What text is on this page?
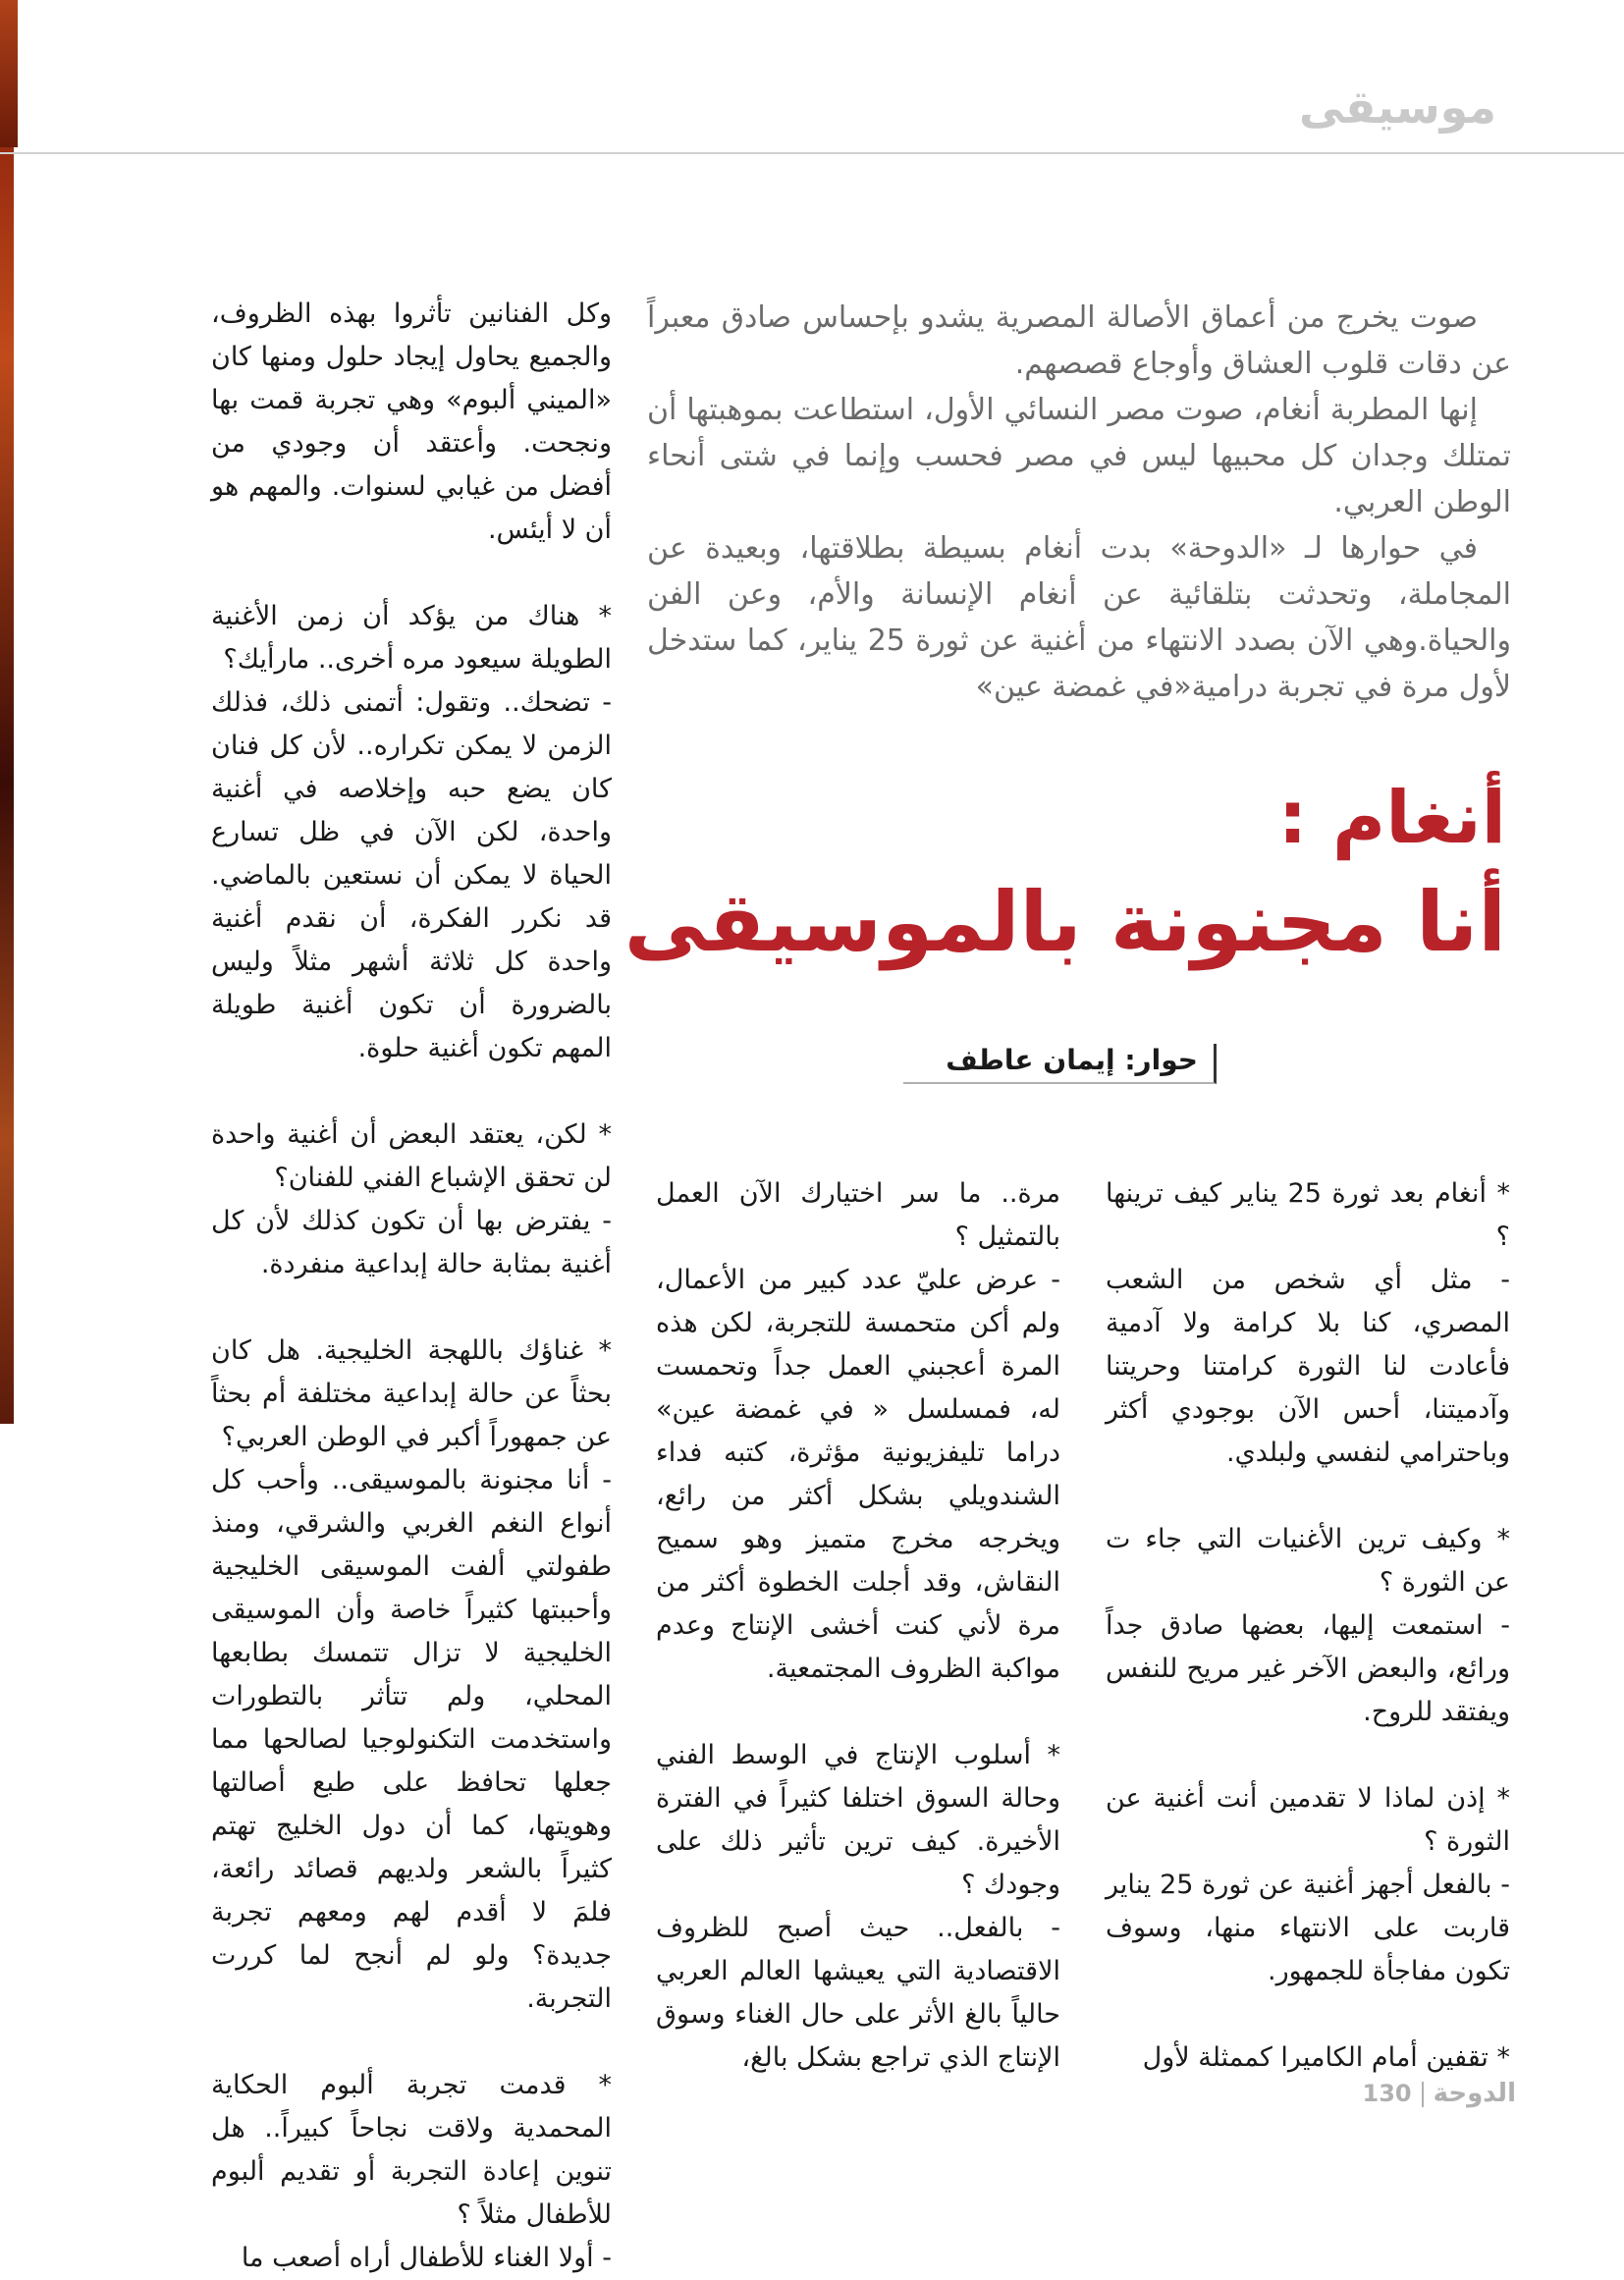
موسيقى

صوت يخرج من أعماق الأصالة المصرية يشدو بإحساس صادق معبراً عن دقات قلوب العشاق وأوجاع قصصهم.

إنها المطربة أنغام، صوت مصر النسائي الأول، استطاعت بموهبتها أن تمتلك وجدان كل محبيها ليس في مصر فحسب وإنما في شتى أنحاء الوطن العربي.

في حوارها لـ «الدوحة» بدت أنغام بسيطة بطلاقتها، وبعيدة عن المجاملة، وتحدثت بتلقائية عن أنغام الإنسانة والأم، وعن الفن والحياة.وهي الآن بصدد الانتهاء من أغنية عن ثورة 25 يناير، كما ستدخل لأول مرة في تجربة درامية«في غمضة عين»

أنغام :
أنا مجنونة بالموسيقى
حوار: إيمان عاطف

وكل الفنانين تأثروا بهذه الظروف، والجميع يحاول إيجاد حلول ومنها كان «الميني ألبوم» وهي تجربة قمت بها ونجحت. وأعتقد أن وجودي من أفضل من غيابي لسنوات. والمهم هو أن لا أيئس.

* هناك من يؤكد أن زمن الأغنية الطويلة سيعود مره أخرى.. مارأيك؟

- تضحك.. وتقول: أتمنى ذلك، فذلك الزمن لا يمكن تكراره.. لأن كل فنان كان يضع حبه وإخلاصه في أغنية واحدة، لكن الآن في ظل تسارع الحياة لا يمكن أن نستعين بالماضي. قد نكرر الفكرة، أن نقدم أغنية واحدة كل ثلاثة أشهر مثلاً وليس بالضرورة أن تكون أغنية طويلة المهم تكون أغنية حلوة.

* لكن، يعتقد البعض أن أغنية واحدة لن تحقق الإشباع الفني للفنان؟

- يفترض بها أن تكون كذلك لأن كل أغنية بمثابة حالة إبداعية منفردة.

* غناؤك باللهجة الخليجية. هل كان بحثاً عن حالة إبداعية مختلفة أم بحثاً عن جمهوراً أكبر في الوطن العربي؟

- أنا مجنونة بالموسيقى.. وأحب كل أنواع النغم الغربي والشرقي، ومنذ طفولتي ألفت الموسيقى الخليجية وأحببتها كثيراً خاصة وأن الموسيقى الخليجية لا تزال تتمسك بطابعها المحلي، ولم تتأثر بالتطورات واستخدمت التكنولوجيا لصالحها مما جعلها تحافظ على طبع أصالتها وهويتها، كما أن دول الخليج تهتم كثيراً بالشعر ولديهم قصائد رائعة، فلمَ لا أقدم لهم ومعهم تجربة جديدة؟ ولو لم أنجح لما كررت التجربة.

* قدمت تجربة ألبوم الحكاية المحمدية ولاقت نجاحاً كبيراً.. هل تنوين إعادة التجربة أو تقديم ألبوم للأطفال مثلاً ؟

- أولا الغناء للأطفال أراه أصعب ما

مرة.. ما سر اختيارك الآن العمل بالتمثيل ؟

- عرض عليّ عدد كبير من الأعمال، ولم أكن متحمسة للتجربة، لكن هذه المرة أعجبني العمل جداً وتحمست له، فمسلسل « في غمضة عين» دراما تليفزيونية مؤثرة، كتبه فداء الشندويلي بشكل أكثر من رائع، ويخرجه مخرج متميز وهو سميح النقاش، وقد أجلت الخطوة أكثر من مرة لأني كنت أخشى الإنتاج وعدم مواكبة الظروف المجتمعية.

* أسلوب الإنتاج في الوسط الفني وحالة السوق اختلفا كثيراً في الفترة الأخيرة. كيف ترين تأثير ذلك على وجودك ؟

- بالفعل.. حيث أصبح للظروف الاقتصادية التي يعيشها العالم العربي حالياً بالغ الأثر على حال الغناء وسوق الإنتاج الذي تراجع بشكل بالغ،

* أنغام بعد ثورة 25 يناير كيف ترينها ؟

- مثل أي شخص من الشعب المصري، كنا بلا كرامة ولا آدمية فأعادت لنا الثورة كرامتنا وحريتنا وآدميتنا، أحس الآن بوجودي أكثر وباحترامي لنفسي ولبلدي.

* وكيف ترين الأغنيات التي جاء ت عن الثورة ؟

- استمعت إليها، بعضها صادق جداً ورائع، والبعض الآخر غير مريح للنفس ويفتقد للروح.

* إذن لماذا لا تقدمين أنت أغنية عن الثورة ؟

- بالفعل أجهز أغنية عن ثورة 25 يناير قاربت على الانتهاء منها، وسوف تكون مفاجأة للجمهور.

* تقفين أمام الكاميرا كممثلة لأول

الدوحة130
